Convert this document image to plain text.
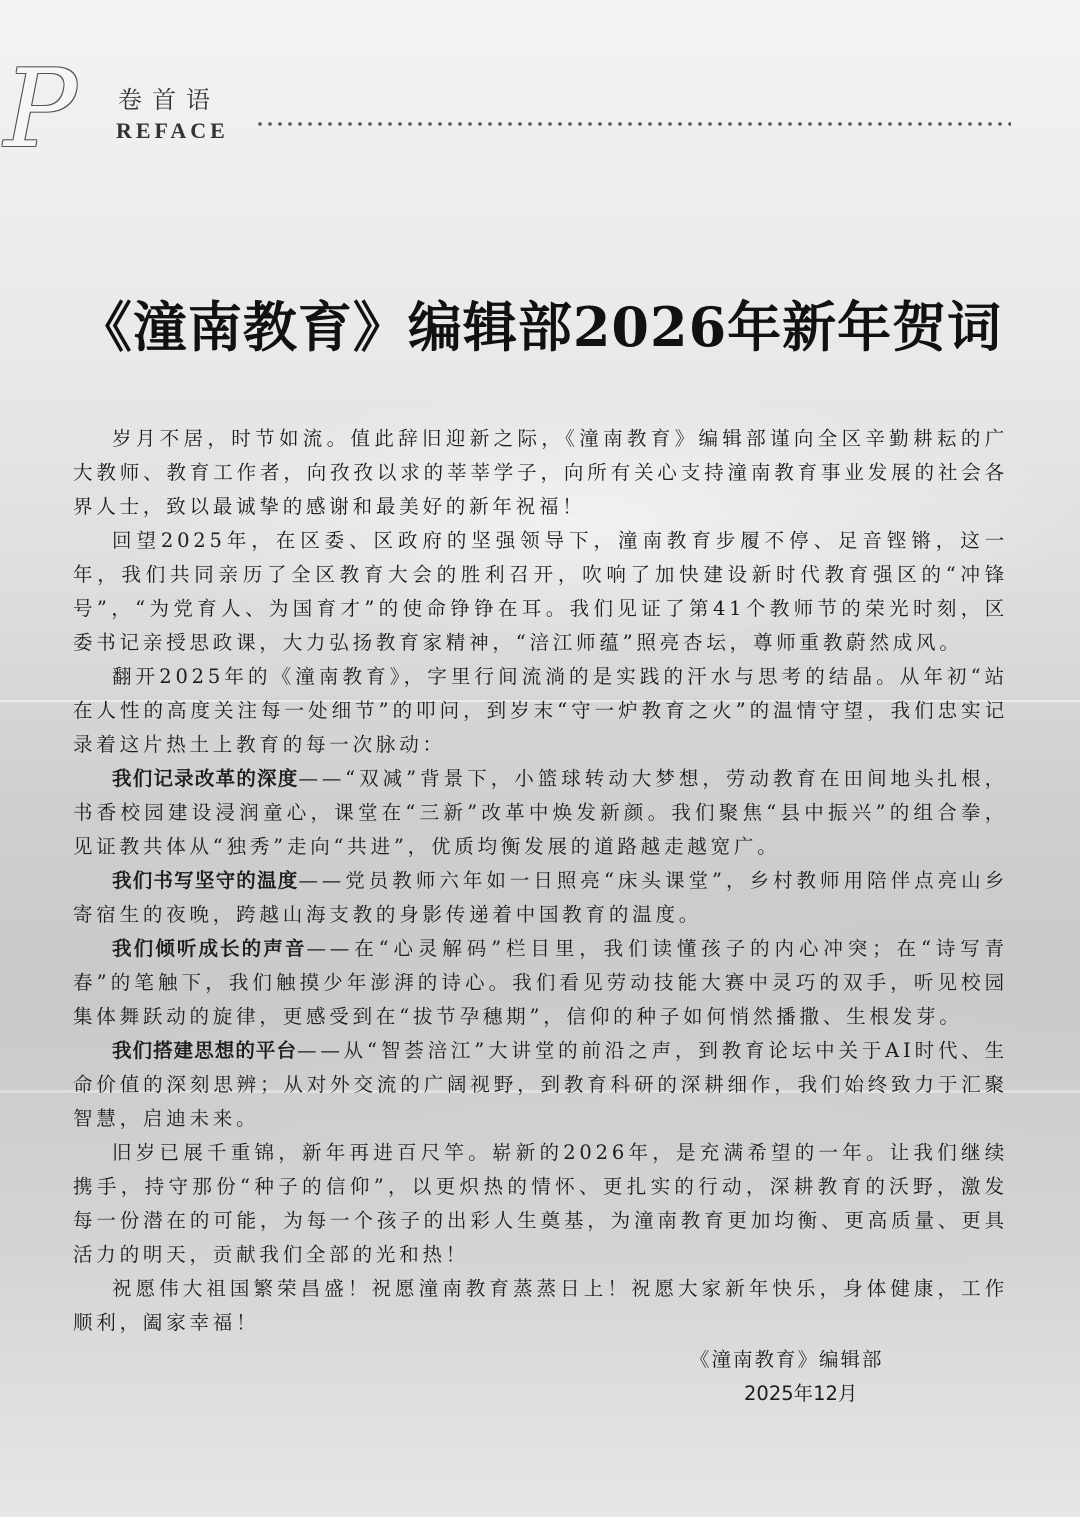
P 卷首语
REFACE
《潼南教育》编辑部2026年新年贺词

岁月不居，时节如流。值此辞旧迎新之际，《潼南教育》编辑部谨向全区辛勤耕耘的广大教师、教育工作者，向孜孜以求的莘莘学子，向所有关心支持潼南教育事业发展的社会各界人士，致以最诚挚的感谢和最美好的新年祝福！

回望2025年，在区委、区政府的坚强领导下，潼南教育步履不停、足音铿锵，这一年，我们共同亲历了全区教育大会的胜利召开，吹响了加快建设新时代教育强区的“冲锋号”，“为党育人、为国育才”的使命铮铮在耳。我们见证了第41个教师节的荣光时刻，区委书记亲授思政课，大力弘扬教育家精神，“涪江师蕴”照亮杏坛，尊师重教蔚然成风。

翻开2025年的《潼南教育》，字里行间流淌的是实践的汗水与思考的结晶。从年初“站在人性的高度关注每一处细节”的叩问，到岁末“守一炉教育之火”的温情守望，我们忠实记录着这片热土上教育的每一次脉动：

我们记录改革的深度——“双减”背景下，小篮球转动大梦想，劳动教育在田间地头扎根，书香校园建设浸润童心，课堂在“三新”改革中焕发新颜。我们聚焦“县中振兴”的组合拳，见证教共体从“独秀”走向“共进”，优质均衡发展的道路越走越宽广。

我们书写坚守的温度——党员教师六年如一日照亮“床头课堂”，乡村教师用陪伴点亮山乡寄宿生的夜晚，跨越山海支教的身影传递着中国教育的温度。

我们倾听成长的声音——在“心灵解码”栏目里，我们读懂孩子的内心冲突；在“诗写青春”的笔触下，我们触摸少年澎湃的诗心。我们看见劳动技能大赛中灵巧的双手，听见校园集体舞跃动的旋律，更感受到在“拔节孕穗期”，信仰的种子如何悄然播撒、生根发芽。

我们搭建思想的平台——从“智荟涪江”大讲堂的前沿之声，到教育论坛中关于AI时代、生命价值的深刻思辨；从对外交流的广阔视野，到教育科研的深耕细作，我们始终致力于汇聚智慧，启迪未来。

旧岁已展千重锦，新年再进百尺竿。崭新的2026年，是充满希望的一年。让我们继续携手，持守那份“种子的信仰”，以更炽热的情怀、更扎实的行动，深耕教育的沃野，激发每一份潜在的可能，为每一个孩子的出彩人生奠基，为潼南教育更加均衡、更高质量、更具活力的明天，贡献我们全部的光和热！

祝愿伟大祖国繁荣昌盛！祝愿潼南教育蒸蒸日上！祝愿大家新年快乐，身体健康，工作顺利，阖家幸福！

《潼南教育》编辑部
2025年12月
